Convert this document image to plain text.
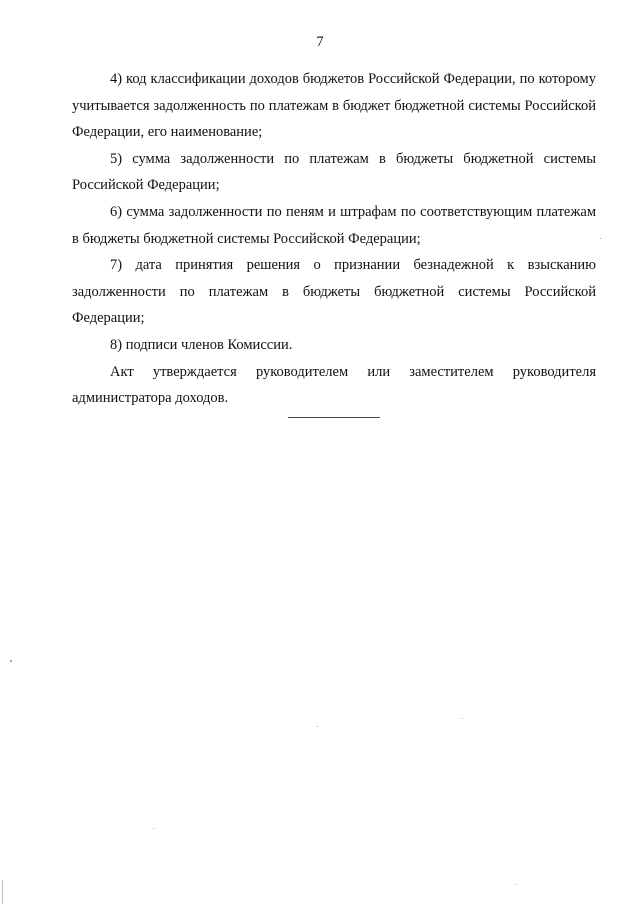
7

4) код классификации доходов бюджетов Российской Федерации, по которому учитывается задолженность по платежам в бюджет бюджетной системы Российской Федерации, его наименование;

5) сумма задолженности по платежам в бюджеты бюджетной системы Российской Федерации;

6) сумма задолженности по пеням и штрафам по соответствующим платежам в бюджеты бюджетной системы Российской Федерации;

7) дата принятия решения о признании безнадежной к взысканию задолженности по платежам в бюджеты бюджетной системы Российской Федерации;

8) подписи членов Комиссии.

Акт утверждается руководителем или заместителем руководителя администратора доходов.
